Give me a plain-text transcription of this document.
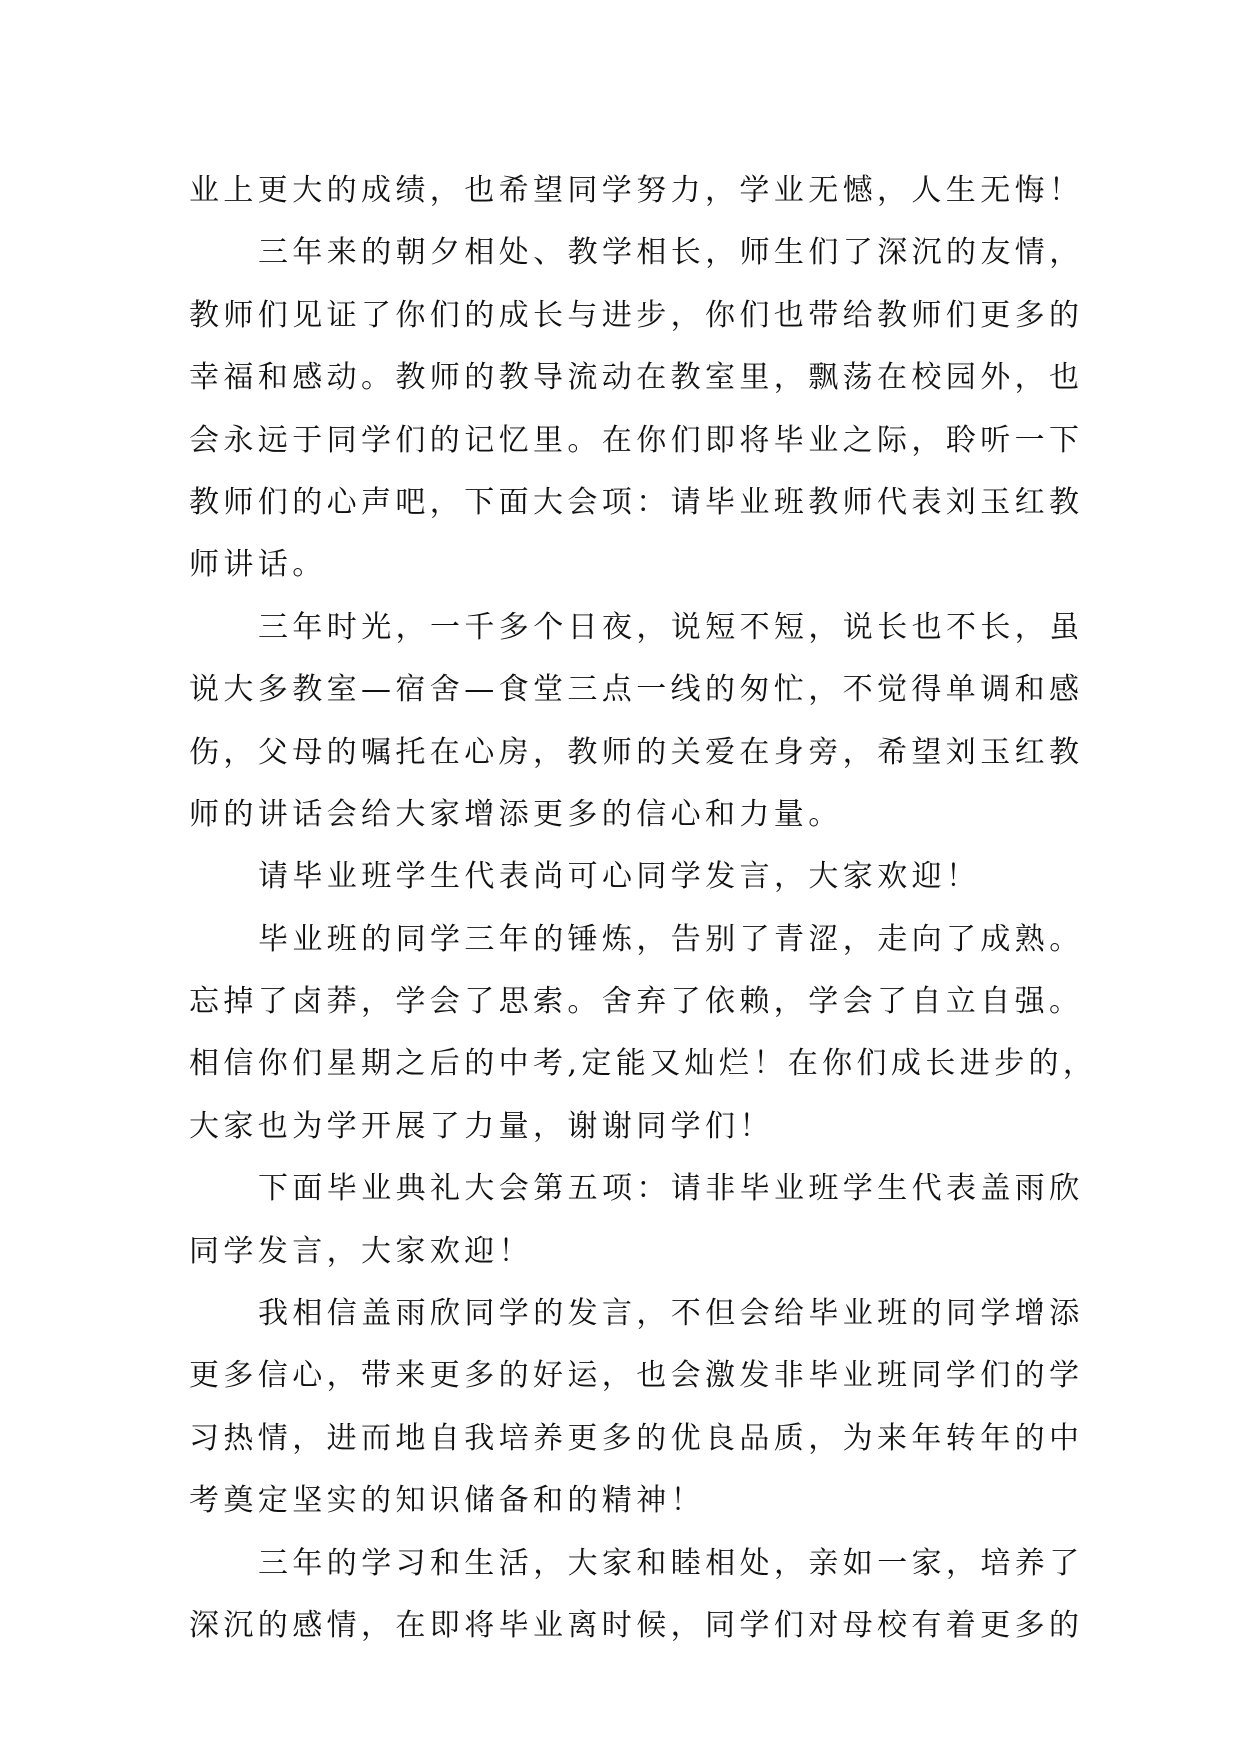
业上更大的成绩，也希望同学努力，学业无憾，人生无悔！
三年来的朝夕相处、教学相长，师生们了深沉的友情，
教师们见证了你们的成长与进步，你们也带给教师们更多的
幸福和感动。教师的教导流动在教室里，飘荡在校园外，也
会永远于同学们的记忆里。在你们即将毕业之际，聆听一下
教师们的心声吧，下面大会项：请毕业班教师代表刘玉红教
师讲话。
三年时光，一千多个日夜，说短不短，说长也不长，虽
说大多教室—宿舍—食堂三点一线的匆忙，不觉得单调和感
伤，父母的嘱托在心房，教师的关爱在身旁，希望刘玉红教
师的讲话会给大家增添更多的信心和力量。
请毕业班学生代表尚可心同学发言，大家欢迎！
毕业班的同学三年的锤炼，告别了青涩，走向了成熟。
忘掉了卤莽，学会了思索。舍弃了依赖，学会了自立自强。
相信你们星期之后的中考,定能又灿烂！在你们成长进步的，
大家也为学开展了力量，谢谢同学们！
下面毕业典礼大会第五项：请非毕业班学生代表盖雨欣
同学发言，大家欢迎！
我相信盖雨欣同学的发言，不但会给毕业班的同学增添
更多信心，带来更多的好运，也会激发非毕业班同学们的学
习热情，进而地自我培养更多的优良品质，为来年转年的中
考奠定坚实的知识储备和的精神！
三年的学习和生活，大家和睦相处，亲如一家，培养了
深沉的感情，在即将毕业离时候，同学们对母校有着更多的
